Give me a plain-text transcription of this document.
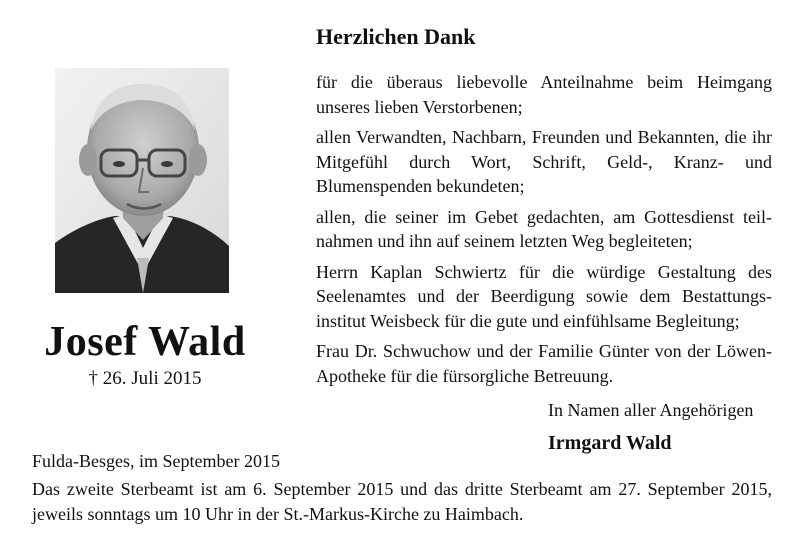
Josef Wald
† 26. Juli 2015
Herzlichen Dank
für die überaus liebevolle Anteilnahme beim Heimgang unseres lieben Verstorbenen;
allen Verwandten, Nachbarn, Freunden und Bekannten, die ihr Mitgefühl durch Wort, Schrift, Geld-, Kranz- und Blumenspenden bekundeten;
allen, die seiner im Gebet gedachten, am Gottesdienst teil-nahmen und ihn auf seinem letzten Weg begleiteten;
Herrn Kaplan Schwiertz für die würdige Gestaltung des Seelenamtes und der Beerdigung sowie dem Bestattungs-institut Weisbeck für die gute und einfühlsame Begleitung;
Frau Dr. Schwuchow und der Familie Günter von der Löwen-Apotheke für die fürsorgliche Betreuung.
In Namen aller Angehörigen
Irmgard Wald
Fulda-Besges, im September 2015
Das zweite Sterbeamt ist am 6. September 2015 und das dritte Sterbeamt am 27. September 2015, jeweils sonntags um 10 Uhr in der St.-Markus-Kirche zu Haimbach.
